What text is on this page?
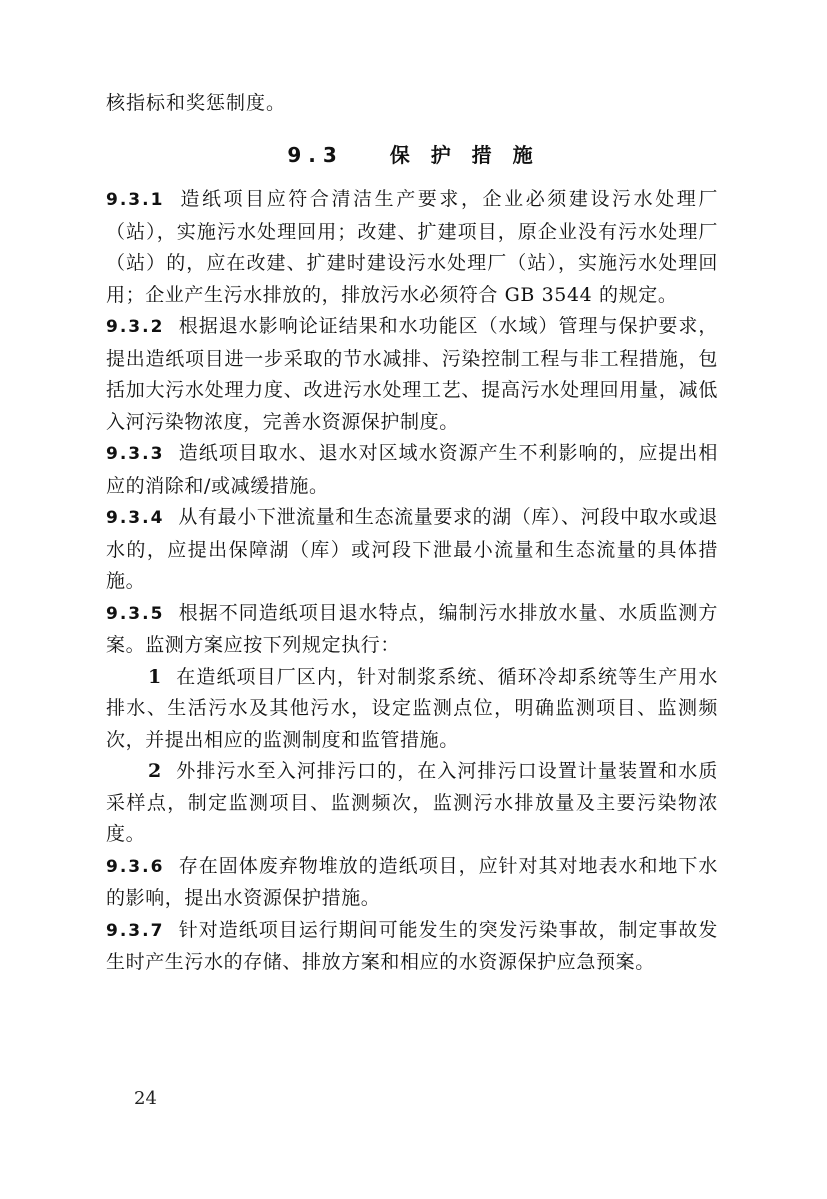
核指标和奖惩制度。
9.3 保 护 措 施

9.3.1 造纸项目应符合清洁生产要求，企业必须建设污水处理厂（站），实施污水处理回用；改建、扩建项目，原企业没有污水处理厂（站）的，应在改建、扩建时建设污水处理厂（站），实施污水处理回用；企业产生污水排放的，排放污水必须符合 GB 3544 的规定。

9.3.2 根据退水影响论证结果和水功能区（水域）管理与保护要求，提出造纸项目进一步采取的节水减排、污染控制工程与非工程措施，包括加大污水处理力度、改进污水处理工艺、提高污水处理回用量，减低入河污染物浓度，完善水资源保护制度。

9.3.3 造纸项目取水、退水对区域水资源产生不利影响的，应提出相应的消除和/或减缓措施。

9.3.4 从有最小下泄流量和生态流量要求的湖（库）、河段中取水或退水的，应提出保障湖（库）或河段下泄最小流量和生态流量的具体措施。

9.3.5 根据不同造纸项目退水特点，编制污水排放水量、水质监测方案。监测方案应按下列规定执行：

1 在造纸项目厂区内，针对制浆系统、循环冷却系统等生产用水排水、生活污水及其他污水，设定监测点位，明确监测项目、监测频次，并提出相应的监测制度和监管措施。

2 外排污水至入河排污口的，在入河排污口设置计量装置和水质采样点，制定监测项目、监测频次，监测污水排放量及主要污染物浓度。

9.3.6 存在固体废弃物堆放的造纸项目，应针对其对地表水和地下水的影响，提出水资源保护措施。

9.3.7 针对造纸项目运行期间可能发生的突发污染事故，制定事故发生时产生污水的存储、排放方案和相应的水资源保护应急预案。

24
